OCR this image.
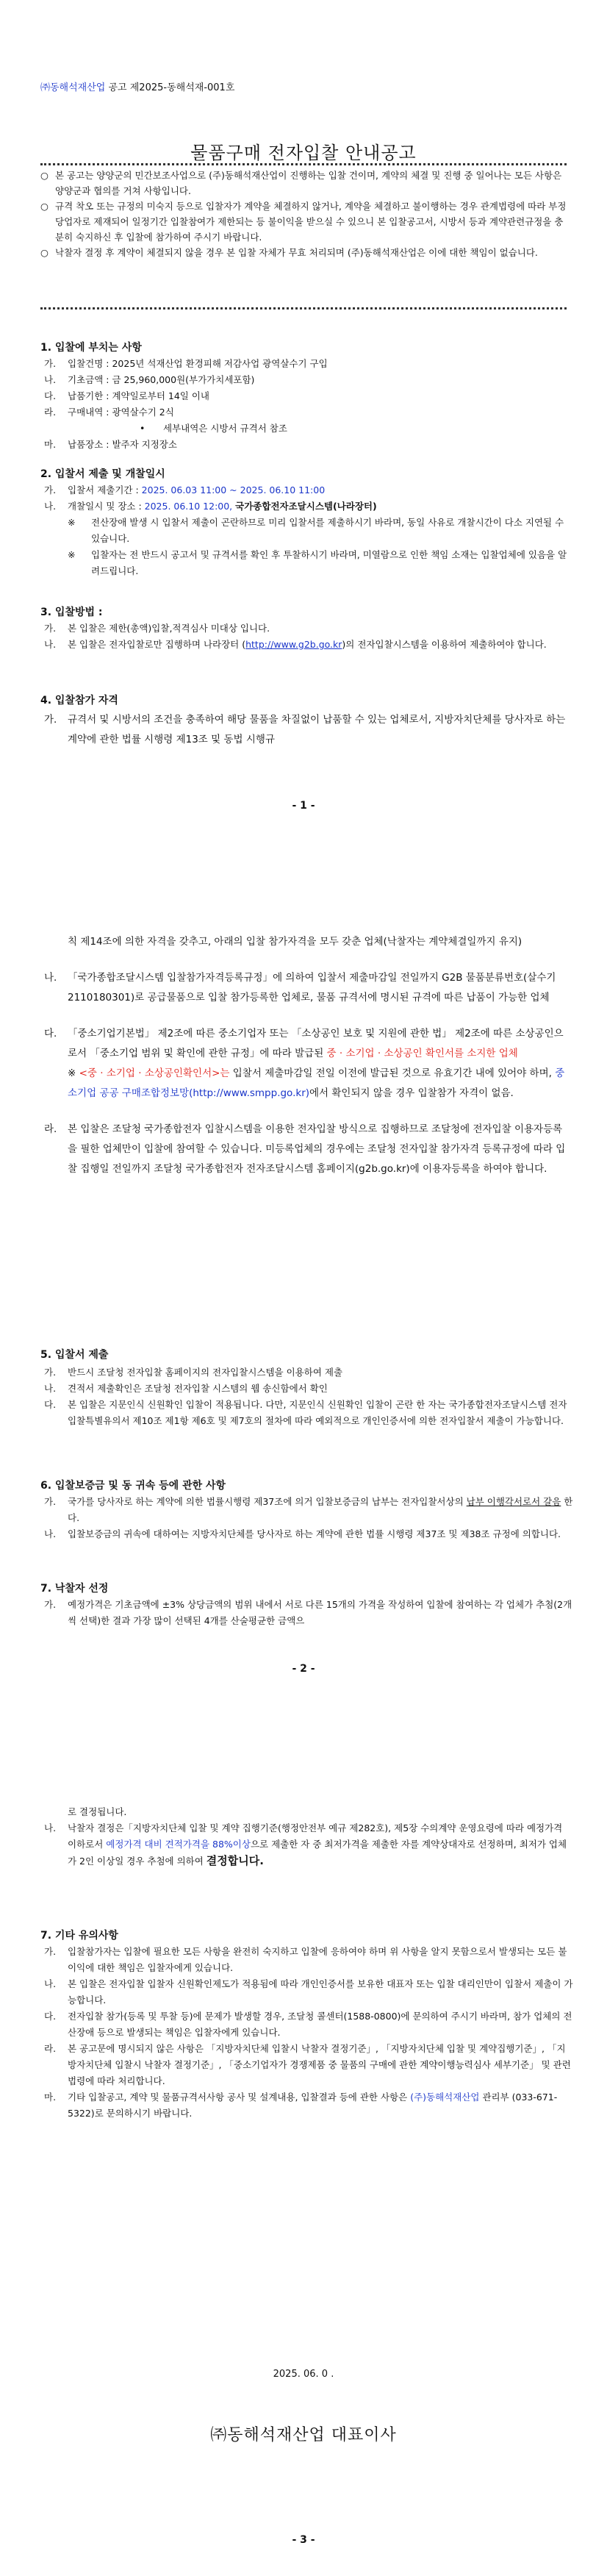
㈜동해석재산업 공고 제2025-동해석재-001호
물품구매 전자입찰 안내공고
○ 본 공고는 양양군의 민간보조사업으로 (주)동해석재산업이 진행하는 입찰 건이며, 계약의 체결 및 진행 중 일어나는 모든 사항은 양양군과 협의를 거쳐 사항입니다.
○ 규격 착오 또는 규정의 미숙지 등으로 입찰자가 계약을 체결하지 않거나, 계약을 체결하고 불이행하는 경우 관계법령에 따라 부정당업자로 제재되어 일정기간 입찰참여가 제한되는 등 불이익을 받으실 수 있으니 본 입찰공고서, 시방서 등과 계약관련규정을 충분히 숙지하신 후 입찰에 참가하여 주시기 바랍니다.
○ 낙찰자 결정 후 계약이 체결되지 않을 경우 본 입찰 자체가 무효 처리되며 (주)동해석재산업은 이에 대한 책임이 없습니다.
1. 입찰에 부치는 사항
가.	입찰건명 : 2025년 석재산업 환경피해 저감사업 광역살수기 구입
나.	기초금액 : 금 25,960,000원(부가가치세포함)
다.	납품기한 : 계약일로부터 14일 이내
라.	구매내역 : 광역살수기 2식
•	세부내역은 시방서 규격서 참조
마.	납품장소 : 발주자 지정장소
2. 입찰서 제출 및 개찰일시
가.	입찰서 제출기간 : 2025. 06.03 11:00 ~ 2025. 06.10 11:00
나.	개찰일시 및 장소 : 2025. 06.10 12:00, 국가종합전자조달시스템(나라장터)
※	전산장애 발생 시 입찰서 제출이 곤란하므로 미리 입찰서를 제출하시기 바라며, 동일 사유로 개찰시간이 다소 지연될 수 있습니다.
※	입찰자는 전 반드시 공고서 및 규격서를 확인 후 투찰하시기 바라며, 미열람으로 인한 책임 소재는 입찰업체에 있음을 알려드립니다.
3. 입찰방법 :
가.	본 입찰은 제한(총액)입찰,적격심사 미대상 입니다.
나.	본 입찰은 전자입찰로만 집행하며 나라장터 (http://www.g2b.go.kr)의 전자입찰시스템을 이용하여 제출하여야 합니다.
4. 입찰참가 자격
가.	규격서 및 시방서의 조건을 충족하여 해당 물품을 차질없이 납품할 수 있는 업체로서, 지방자치단체를 당사자로 하는 계약에 관한 법률 시행령 제13조 및 동법 시행규
- 1 -
칙 제14조에 의한 자격을 갖추고, 아래의 입찰 참가자격을 모두 갖춘 업체(낙찰자는 계약체결일까지 유지)
나.	「국가종합조달시스템 입찰참가자격등록규정」에 의하여 입찰서 제출마감일 전일까지 G2B 물품분류번호(살수기 2110180301)로 공급물품으로 입찰 참가등록한 업체로, 물품 규격서에 명시된 규격에 따른 납품이 가능한 업체
다.	「중소기업기본법」 제2조에 따른 중소기업자 또는 「소상공인 보호 및 지원에 관한 법」 제2조에 따른 소상공인으로서 「중소기업 범위 및 확인에 관한 규정」에 따라 발급된 중 · 소기업 · 소상공인 확인서를 소지한 업체
※ <중 · 소기업 · 소상공인확인서>는 입찰서 제출마감일 전일 이전에 발급된 것으로 유효기간 내에 있어야 하며, 중소기업 공공 구매조합정보망(http://www.smpp.go.kr)에서 확인되지 않을 경우 입찰참가 자격이 없음.
라.	본 입찰은 조달청 국가종합전자 입찰시스템을 이용한 전자입찰 방식으로 집행하므로 조달청에 전자입찰 이용자등록을 필한 업체만이 입찰에 참여할 수 있습니다. 미등록업체의 경우에는 조달청 전자입찰 참가자격 등록규정에 따라 입찰 집행일 전일까지 조달청 국가종합전자 전자조달시스템 홈페이지(g2b.go.kr)에 이용자등록을 하여야 합니다.
5. 입찰서 제출
가.	반드시 조달청 전자입찰 홈페이지의 전자입찰시스템을 이용하여 제출
나.	견적서 제출확인은 조달청 전자입찰 시스템의 웹 송신함에서 확인
다.	본 입찰은 지문인식 신원확인 입찰이 적용됩니다. 다만, 지문인식 신원확인 입찰이 곤란 한 자는 국가종합전자조달시스템 전자입찰특별유의서 제10조 제1항 제6호 및 제7호의 절차에 따라 예외적으로 개인인증서에 의한 전자입찰서 제출이 가능합니다.
6. 입찰보증금 및 동 귀속 등에 관한 사항
가.	국가를 당사자로 하는 계약에 의한 법률시행령 제37조에 의거 입찰보증금의 납부는 전자입찰서상의 납부 이행각서로서 갈음 한다.
나.	입찰보증금의 귀속에 대하여는 지방자치단체를 당사자로 하는 계약에 관한 법률 시행령 제37조 및 제38조 규정에 의합니다.
7. 낙찰자 선정
가.	예정가격은 기초금액에 ±3% 상당금액의 범위 내에서 서로 다른 15개의 가격을 작성하여 입찰에 참여하는 각 업체가 추첨(2개씩 선택)한 결과 가장 많이 선택된 4개를 산술평균한 금액으
- 2 -
로 결정됩니다.
나.	낙찰자 결정은「지방자치단체 입찰 및 계약 집행기준(행정안전부 예규 제282호), 제5장 수의계약 운영요령에 따라 예정가격 이하로서 예정가격 대비 견적가격을 88%이상으로 제출한 자 중 최저가격을 제출한 자를 계약상대자로 선정하며, 최저가 업체가 2인 이상일 경우 추첨에 의하여 결정합니다.
7. 기타 유의사항
가.	입찰참가자는 입찰에 필요한 모든 사항을 완전히 숙지하고 입찰에 응하여야 하며 위 사항을 알지 못함으로서 발생되는 모든 불이익에 대한 책임은 입찰자에게 있습니다.
나.	본 입찰은 전자입찰 입찰자 신원확인제도가 적용됨에 따라 개인인증서를 보유한 대표자 또는 입찰 대리인만이 입찰서 제출이 가능합니다.
다.	전자입찰 참가(등록 및 투찰 등)에 문제가 발생할 경우, 조달청 콜센터(1588-0800)에 문의하여 주시기 바라며, 참가 업체의 전산장애 등으로 발생되는 책임은 입찰자에게 있습니다.
라.	본 공고문에 명시되지 않은 사항은 「지방자치단체 입찰시 낙찰자 결정기준」, 「지방자치단체 입찰 및 계약집행기준」, 「지방자치단체 입찰시 낙찰자 결정기준」, 「중소기업자가 경쟁제품 중 물품의 구매에 관한 계약이행능력심사 세부기준」 및 관련 법령에 따라 처리합니다.
마.	기타 입찰공고, 계약 및 물품규격서사항 공사 및 설계내용, 입찰결과 등에 관한 사항은 (주)동해석재산업 관리부 (033-671-5322)로 문의하시기 바랍니다.
2025. 06. 0 .
㈜동해석재산업 대표이사
- 3 -
